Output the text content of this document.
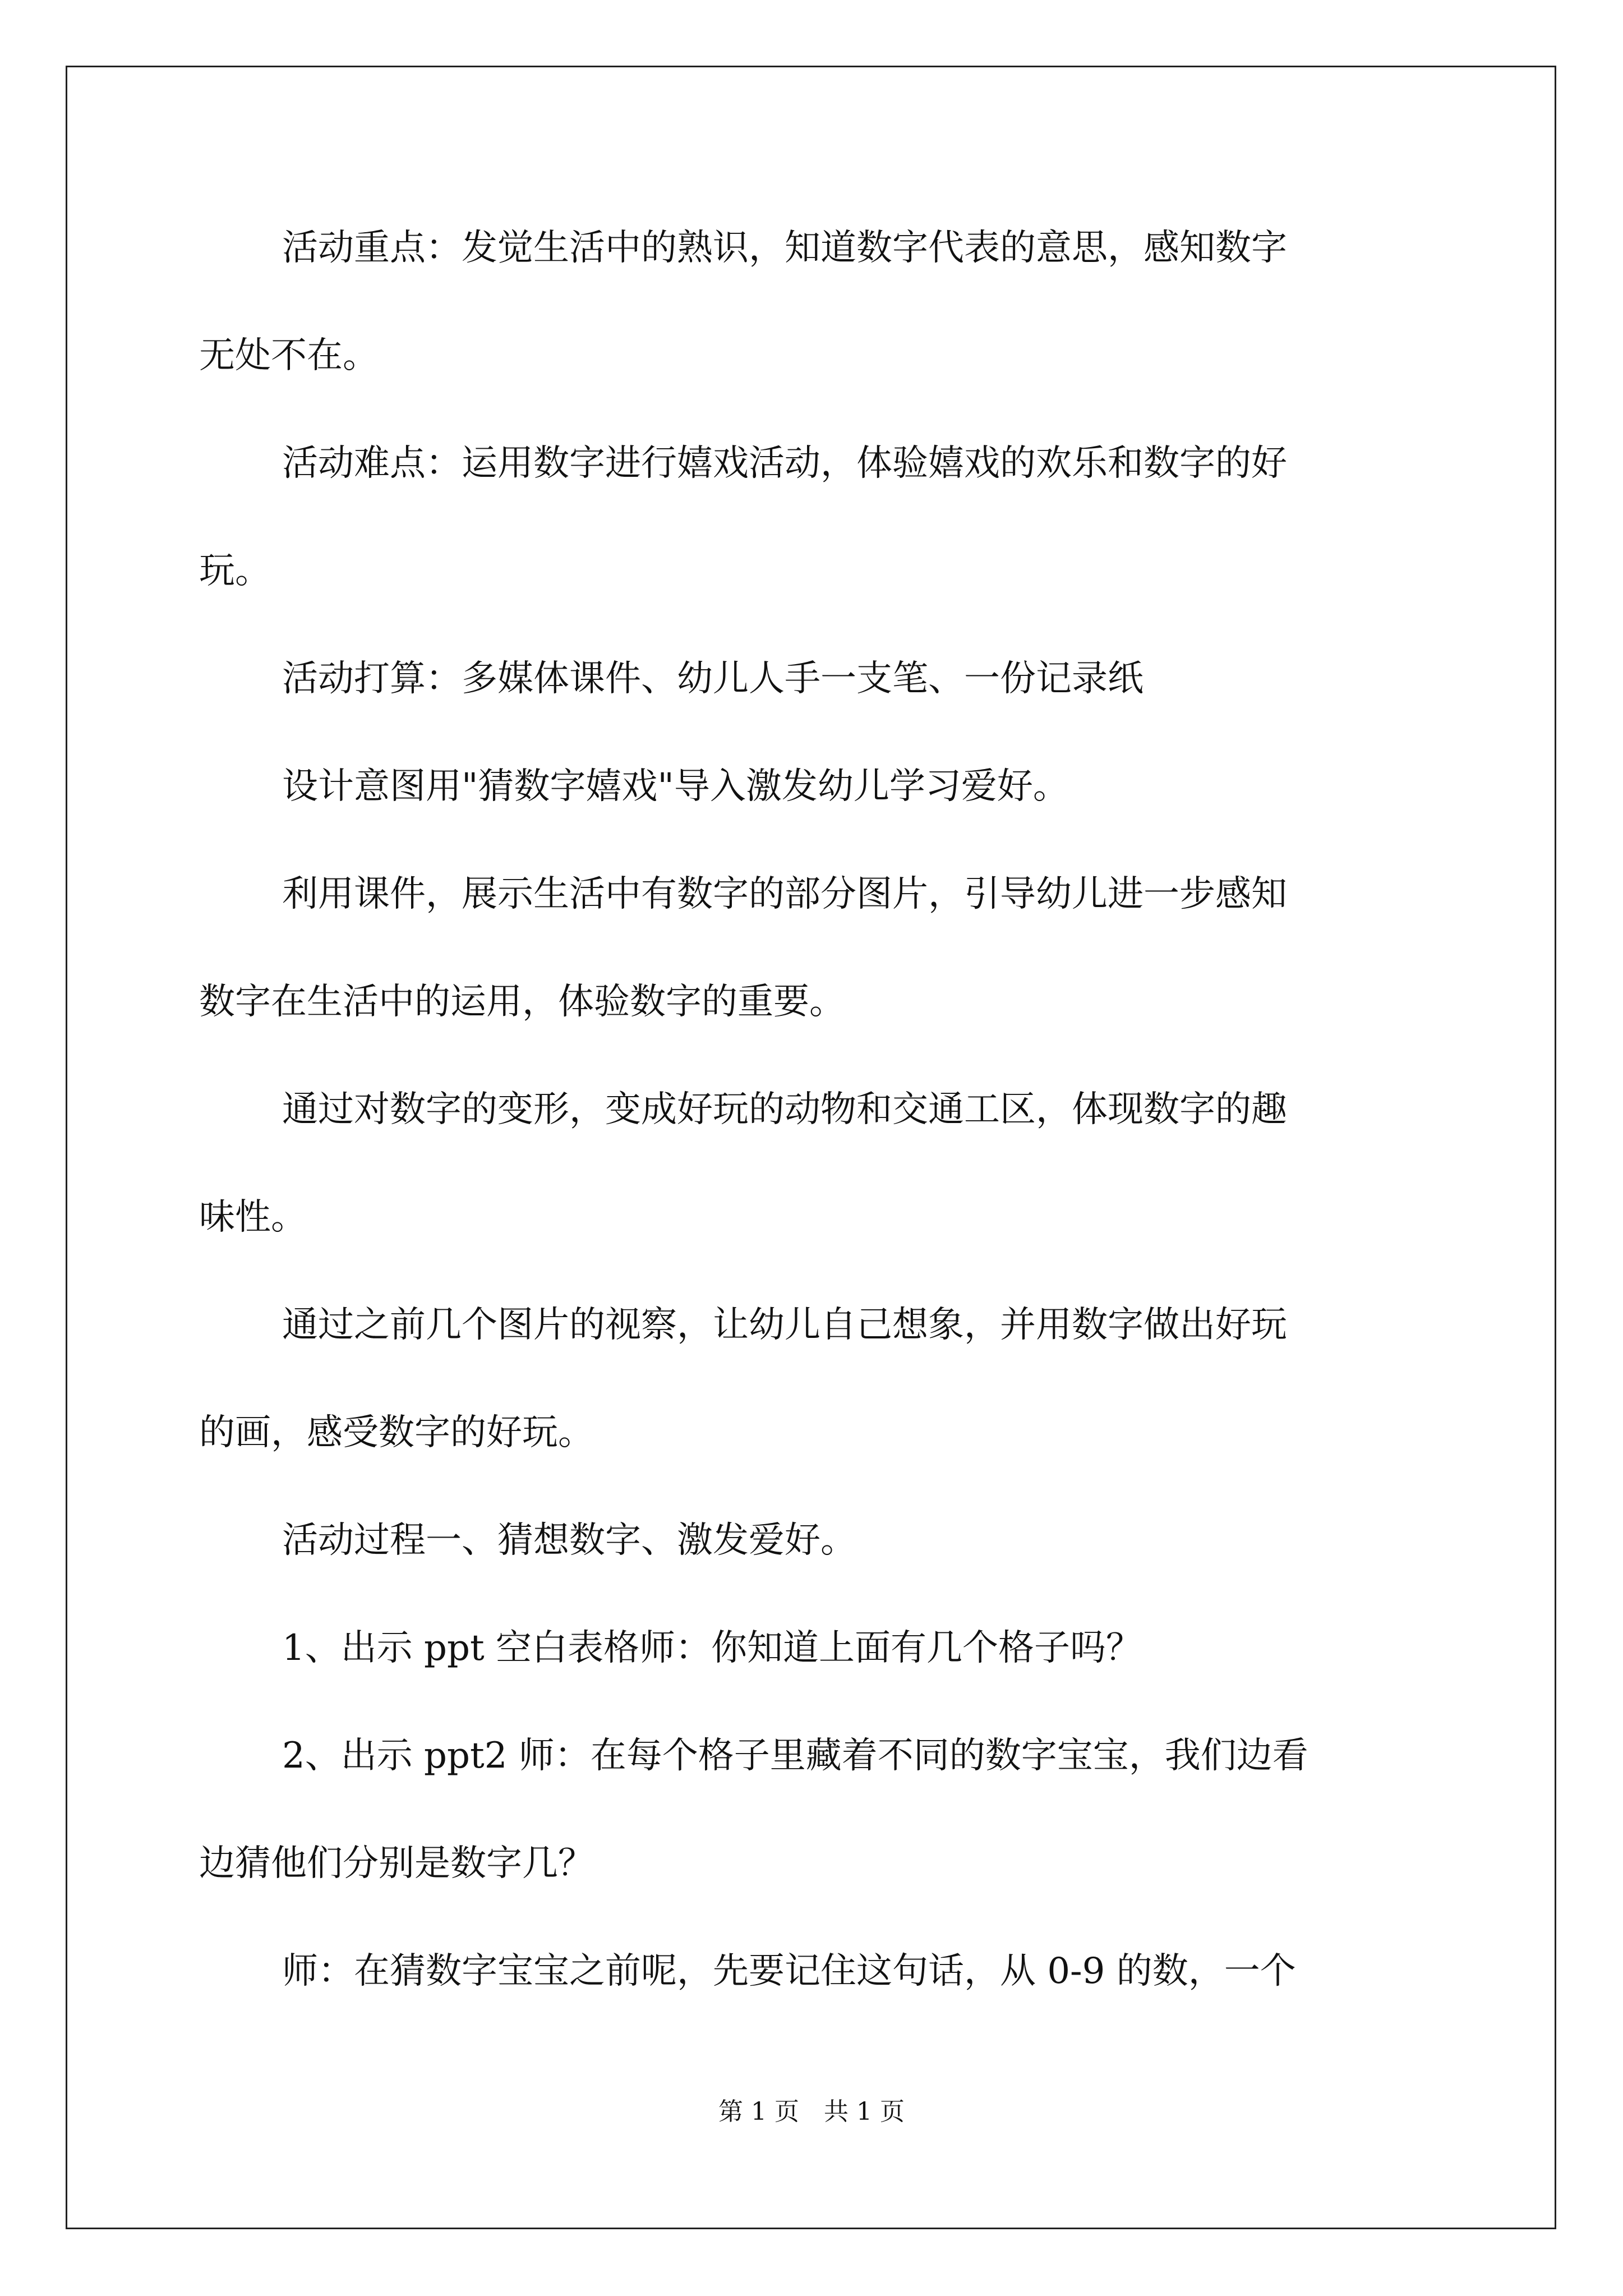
活动重点：发觉生活中的熟识，知道数字代表的意思，感知数字
无处不在。
活动难点：运用数字进行嬉戏活动，体验嬉戏的欢乐和数字的好
玩。
活动打算：多媒体课件、幼儿人手一支笔、一份记录纸
设计意图用"猜数字嬉戏"导入激发幼儿学习爱好。
利用课件，展示生活中有数字的部分图片，引导幼儿进一步感知
数字在生活中的运用，体验数字的重要。
通过对数字的变形，变成好玩的动物和交通工区，体现数字的趣
味性。
通过之前几个图片的视察，让幼儿自己想象，并用数字做出好玩
的画，感受数字的好玩。
活动过程一、猜想数字、激发爱好。
1、出示 ppt 空白表格师：你知道上面有几个格子吗？
2、出示 ppt2 师：在每个格子里藏着不同的数字宝宝，我们边看
边猜他们分别是数字几？
师：在猜数字宝宝之前呢，先要记住这句话，从 0-9 的数，一个
第 1 页　共 1 页
